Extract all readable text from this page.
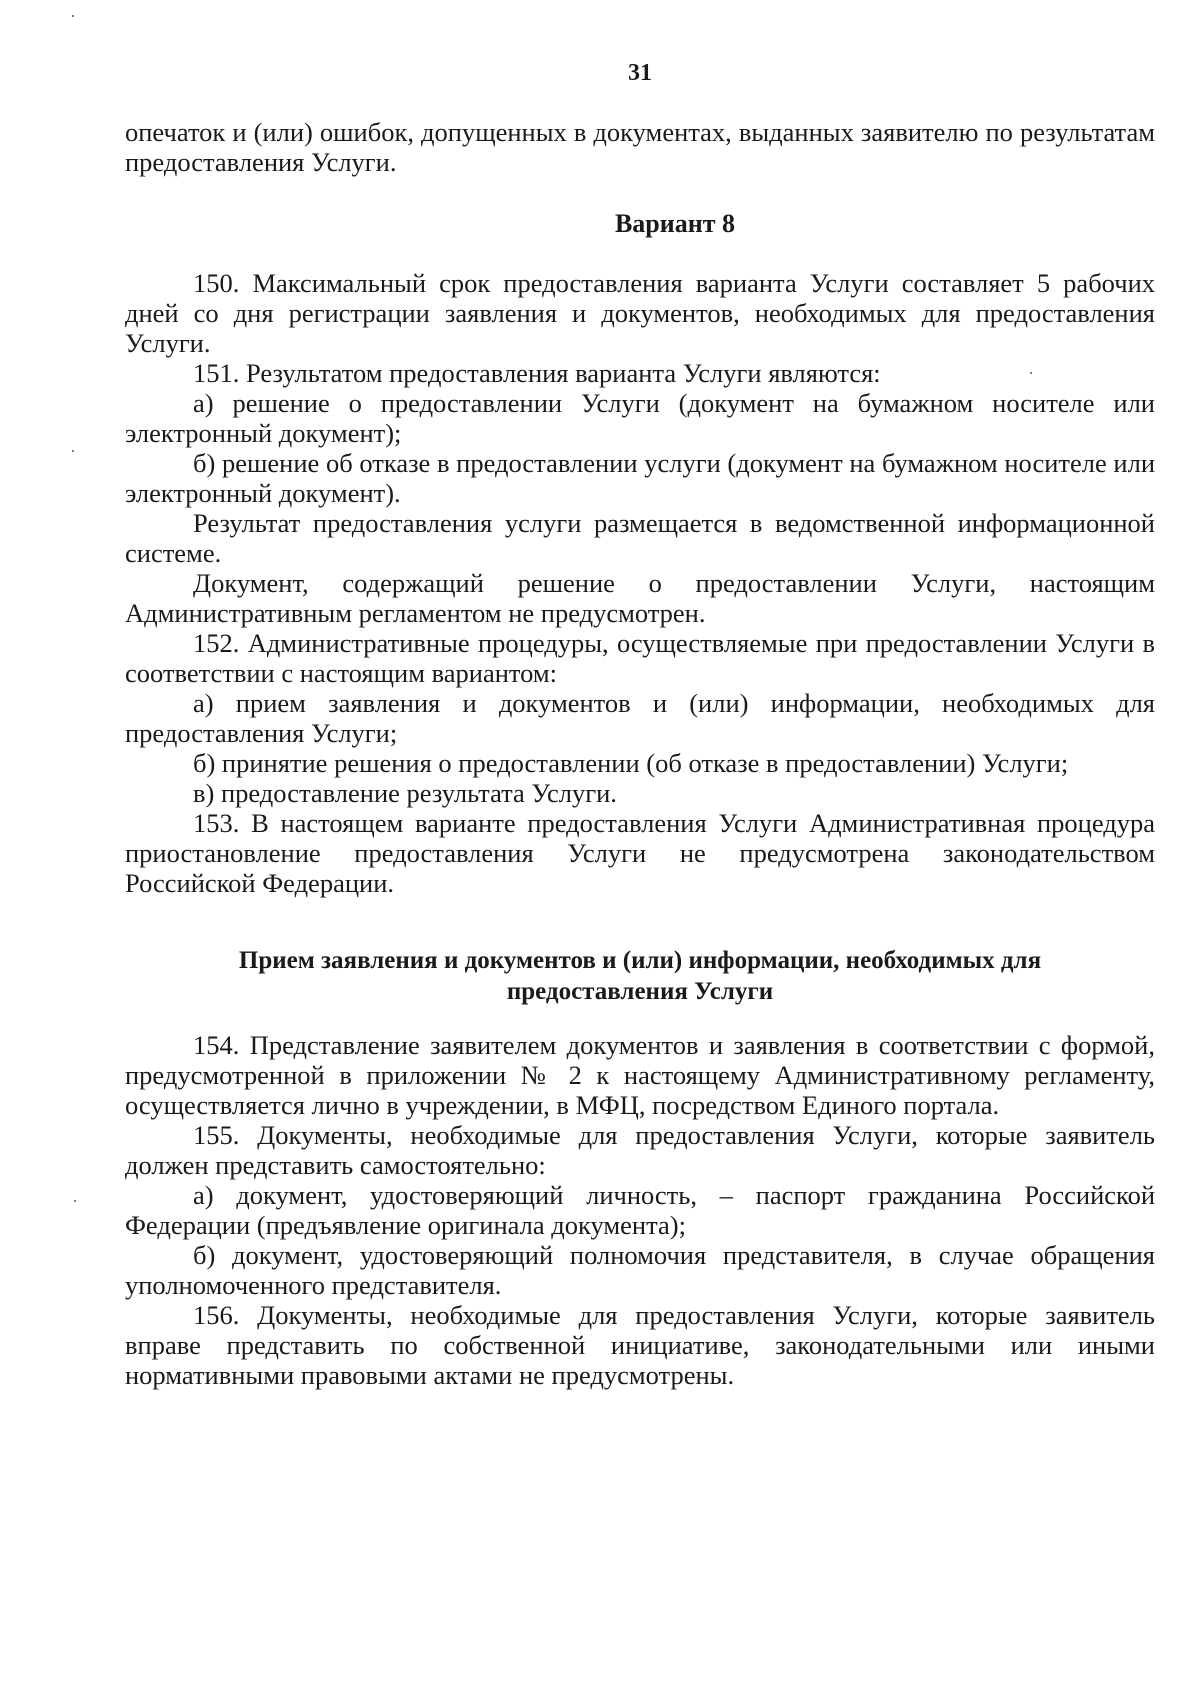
31

опечаток и (или) ошибок, допущенных в документах, выданных заявителю по результатам предоставления Услуги.

Вариант 8

150. Максимальный срок предоставления варианта Услуги составляет 5 рабочих дней со дня регистрации заявления и документов, необходимых для предоставления Услуги.

151. Результатом предоставления варианта Услуги являются:

а) решение о предоставлении Услуги (документ на бумажном носителе или электронный документ);

б) решение об отказе в предоставлении услуги (документ на бумажном носителе или электронный документ).

Результат предоставления услуги размещается в ведомственной информационной системе.

Документ, содержащий решение о предоставлении Услуги, настоящим Административным регламентом не предусмотрен.

152. Административные процедуры, осуществляемые при предоставлении Услуги в соответствии с настоящим вариантом:

а) прием заявления и документов и (или) информации, необходимых для предоставления Услуги;

б) принятие решения о предоставлении (об отказе в предоставлении) Услуги;

в) предоставление результата Услуги.

153. В настоящем варианте предоставления Услуги Административная процедура приостановление предоставления Услуги не предусмотрена законодательством Российской Федерации.

Прием заявления и документов и (или) информации, необходимых для

предоставления Услуги

154. Представление заявителем документов и заявления в соответствии с формой, предусмотренной в приложении № 2 к настоящему Административному регламенту, осуществляется лично в учреждении, в МФЦ, посредством Единого портала.

155. Документы, необходимые для предоставления Услуги, которые заявитель должен представить самостоятельно:

а) документ, удостоверяющий личность, – паспорт гражданина Российской Федерации (предъявление оригинала документа);

б) документ, удостоверяющий полномочия представителя, в случае обращения уполномоченного представителя.

156. Документы, необходимые для предоставления Услуги, которые заявитель вправе представить по собственной инициативе, законодательными или иными нормативными правовыми актами не предусмотрены.
